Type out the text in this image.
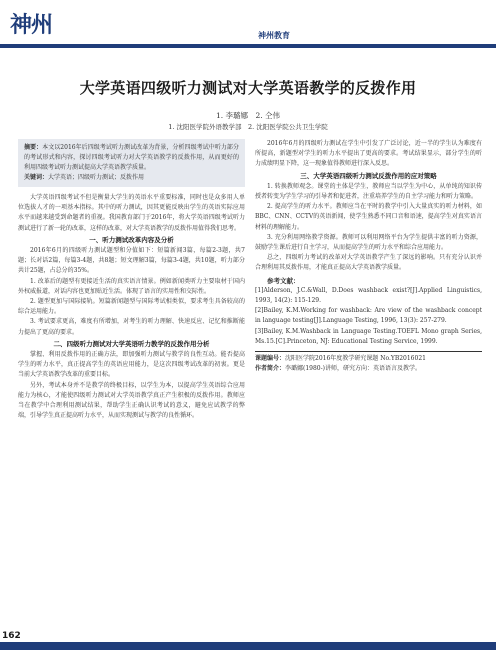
神州	神州教育
大学英语四级听力测试对大学英语教学的反拨作用
1. 李璐娜　2. 仝伟
1. 沈阳医学院外语教学部　2. 沈阳医学院公共卫生学院

摘要：本文以2016年后四级考试听力测试改革为背景，分析四级考试中听力部分的考试形式和内容，探讨四级考试听力对大学英语教学的反拨作用，从而更好的利用四级考试听力测试提高大学英语教学质量。

关键词：大学英语；四级听力测试；反拨作用

大学英语四级考试不但是衡量大学生的英语水平重要标准，同时也是众多用人单位选拔人才的一项基本指标。其中的听力测试，因其更能反映出学生的英语实际应用水平而越来越受到命题者的重视。我国教育部门于2016年，将大学英语四级考试听力测试进行了新一轮的改革，这样的改革，对大学英语教学的反拨作用值得我们思考。

一、听力测试改革内容及分析

2016年6月的四级听力测试题型和分值如下：短篇新闻3篇，每篇2-3题，共7题；长对话2篇，每篇3-4题，共8题；短文理解3篇，每篇3-4题，共10题，听力部分共计25题，占总分的35%。

1. 改革后的题型有更接近生活的真实语言情景。例如新闻类听力主要取材于国内外权威报道，对话内容也更加贴近生活。体现了语言的实用性和交际性。

2. 题型更加与国际接轨。短篇新闻题型与国际考试相类似，要求考生具备较高的综合运用能力。

3. 考试要求更高，难度有所增加，对考生的听力理解、快速反应、记忆和推断能力提出了更高的要求。

二、四级听力测试对大学英语听力教学的反拨作用分析

掌握、利用反拨作用的正确方法，即加强听力测试与教学的良性互动。能否提高学生的听力水平，真正提高学生的英语应用能力，是这次四级考试改革的初衷。更是当前大学英语教学改革的重要目标。

另外，考试本身并不是教学的终极目标，以学生为本，以提高学生英语综合应用能力为核心，才能使四级听力测试对大学英语教学真正产生积极的反拨作用。教师应当在教学中合理利用测试结果，帮助学生正确认识考试的意义，避免应试教学的弊端，引导学生真正提高听力水平，从而实现测试与教学的良性循环。

2016年6月的四级听力测试在学生中引发了广泛讨论，近一半的学生认为难度有所提高，新题型对学生的听力水平提出了更高的要求。考试结果显示，部分学生的听力成绩明显下降，这一现象值得教师进行深入反思。

三、大学英语四级听力测试反拨作用的应对策略

1. 转换教师观念。课堂的主体是学生，教师应当以学生为中心，从单纯的知识传授者转变为学生学习的引导者和促进者，注重培养学生的自主学习能力和听力策略。

2. 提高学生的听力水平。教师应当在平时的教学中引入大量真实的听力材料，如BBC、CNN、CCTV的英语新闻，使学生熟悉不同口音和语速，提高学生对真实语言材料的理解能力。

3. 充分利用网络教学资源。教师可以利用网络平台为学生提供丰富的听力资源，鼓励学生课后进行自主学习，从而提高学生的听力水平和综合应用能力。

总之，四级听力考试的改革对大学英语教学产生了深远的影响。只有充分认识并合理利用其反拨作用，才能真正提高大学英语教学质量。

参考文献：

[1]Alderson, J.C.&Wall, D.Does washback exist?[J].Applied Linguistics, 1993, 14(2): 115-129.

[2]Bailey, K.M.Working for washback: Are view of the washback concept in language testing[J].Language Testing, 1996, 13(3): 257-279.

[3]Bailey, K.M.Washback in Language Testing.TOEFL Mono graph Series, Ms.15.[C].Princeton, NJ: Educational Testing Service, 1999.

课题编号：沈阳医学院2016年度教学研究课题 No.YB2016021
作者简介：李璐娜(1980-)讲师，研究方向：英语语言及教学。
162
